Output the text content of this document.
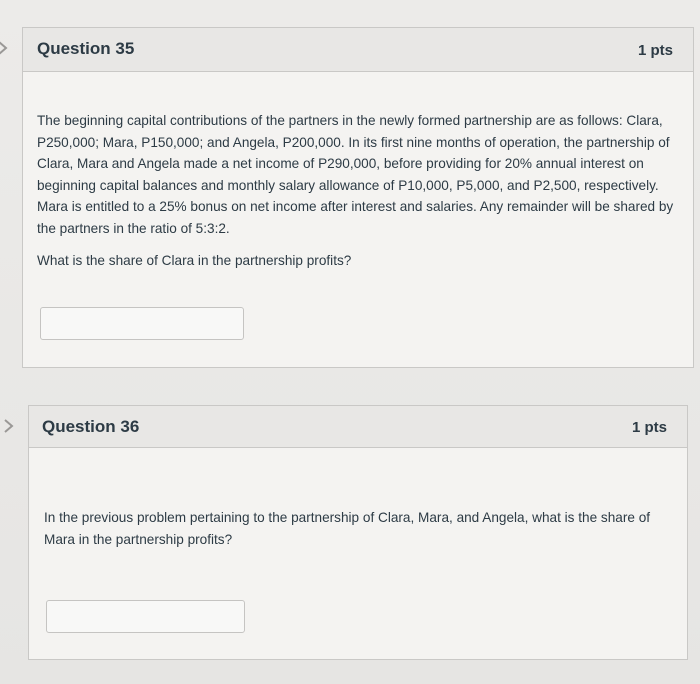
Question 35	1 pts

The beginning capital contributions of the partners in the newly formed partnership are as follows: Clara, P250,000; Mara, P150,000; and Angela, P200,000. In its first nine months of operation, the partnership of Clara, Mara and Angela made a net income of P290,000, before providing for 20% annual interest on beginning capital balances and monthly salary allowance of P10,000, P5,000, and P2,500, respectively. Mara is entitled to a 25% bonus on net income after interest and salaries. Any remainder will be shared by the partners in the ratio of 5:3:2.

What is the share of Clara in the partnership profits?

Question 36	1 pts

In the previous problem pertaining to the partnership of Clara, Mara, and Angela, what is the share of Mara in the partnership profits?
